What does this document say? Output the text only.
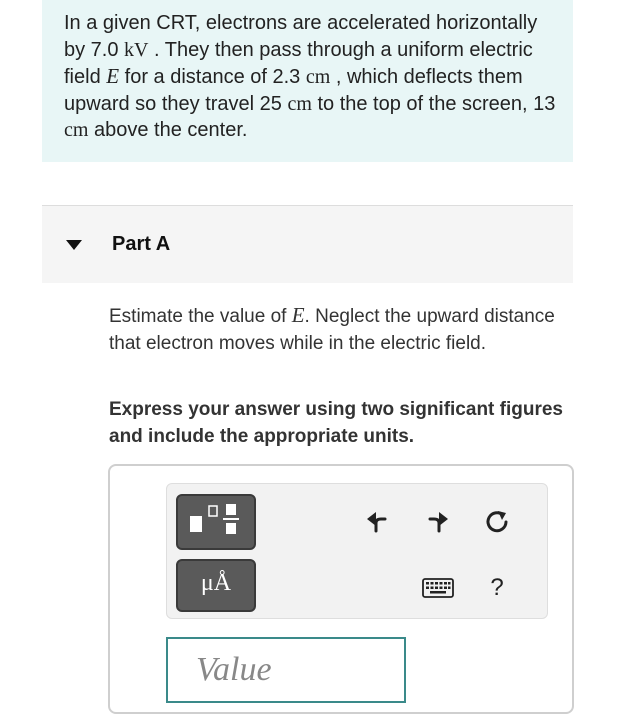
In a given CRT, electrons are accelerated horizontally by 7.0 kV . They then pass through a uniform electric field E for a distance of 2.3 cm , which deflects them upward so they travel 25 cm to the top of the screen, 13 cm above the center.
Part A
Estimate the value of E. Neglect the upward distance that electron moves while in the electric field.
Express your answer using two significant figures and include the appropriate units.
μÅ	?
Value
